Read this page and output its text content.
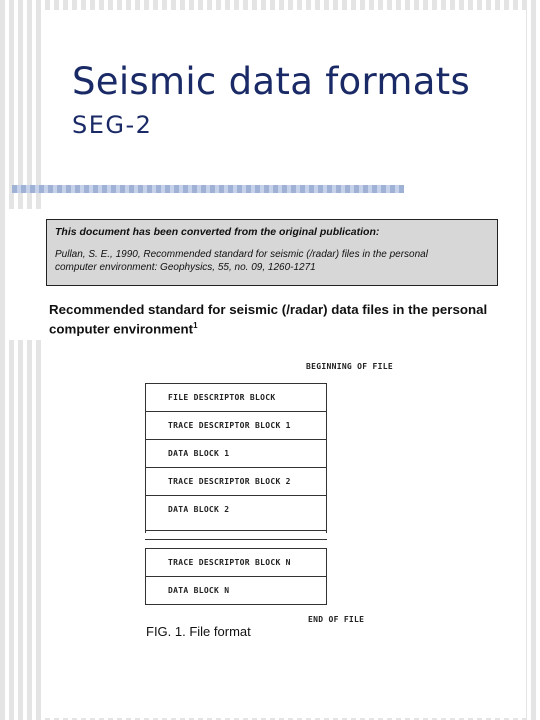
Seismic data formats
SEG-2
This document has been converted from the original publication:
Pullan, S. E., 1990, Recommended standard for seismic (/radar) files in the personal
computer environment: Geophysics, 55, no. 09, 1260-1271
Recommended standard for seismic (/radar) data files in the personal computer environment$^1$
BEGINNING OF FILE
FILE DESCRIPTOR BLOCK
TRACE DESCRIPTOR BLOCK 1
DATA BLOCK 1
TRACE DESCRIPTOR BLOCK 2
DATA BLOCK 2
TRACE DESCRIPTOR BLOCK N
DATA BLOCK N
END OF FILE
FIG. 1. File format
